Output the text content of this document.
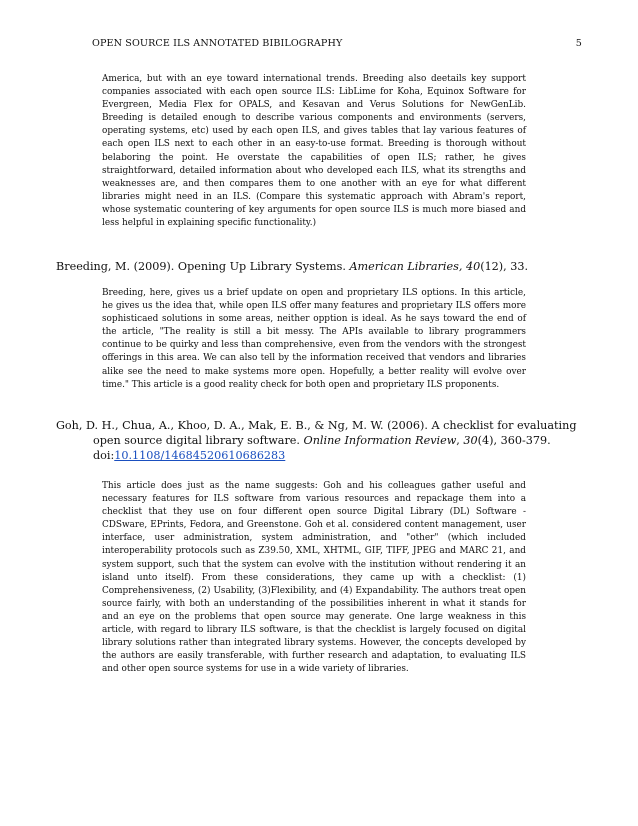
OPEN SOURCE ILS ANNOTATED BIBILOGRAPHY	5

America, but with an eye toward international trends. Breeding also deetails key support companies associated with each open source ILS: LibLime for Koha, Equinox Software for Evergreen, Media Flex for OPALS, and Kesavan and Verus Solutions for NewGenLib. Breeding is detailed enough to describe various components and environments (servers, operating systems, etc) used by each open ILS, and gives tables that lay various features of each open ILS next to each other in an easy-to-use format. Breeding is thorough without belaboring the point. He overstate the capabilities of open ILS; rather, he gives straightforward, detailed information about who developed each ILS, what its strengths and weaknesses are, and then compares them to one another with an eye for what different libraries might need in an ILS. (Compare this systematic approach with Abram's report, whose systematic countering of key arguments for open source ILS is much more biased and less helpful in explaining specific functionality.)

Breeding, M. (2009). Opening Up Library Systems. American Libraries, 40(12), 33.

Breeding, here, gives us a brief update on open and proprietary ILS options. In this article, he gives us the idea that, while open ILS offer many features and proprietary ILS offers more sophisticaed solutions in some areas, neither opption is ideal. As he says toward the end of the article, "The reality is still a bit messy. The APIs available to library programmers continue to be quirky and less than comprehensive, even from the vendors with the strongest offerings in this area. We can also tell by the information received that vendors and libraries alike see the need to make systems more open. Hopefully, a better reality will evolve over time." This article is a good reality check for both open and proprietary ILS proponents.

Goh, D. H., Chua, A., Khoo, D. A., Mak, E. B., & Ng, M. W. (2006). A checklist for evaluating open source digital library software. Online Information Review, 30(4), 360-379. doi:10.1108/14684520610686283

This article does just as the name suggests: Goh and his colleagues gather useful and necessary features for ILS software from various resources and repackage them into a checklist that they use on four different open source Digital Library (DL) Software - CDSware, EPrints, Fedora, and Greenstone. Goh et al. considered content management, user interface, user administration, system administration, and "other" (which included interoperability protocols such as Z39.50, XML, XHTML, GIF, TIFF, JPEG and MARC 21, and system support, such that the system can evolve with the institution without rendering it an island unto itself). From these considerations, they came up with a checklist: (1) Comprehensiveness, (2) Usability, (3)Flexibility, and (4) Expandability. The authors treat open source fairly, with both an understanding of the possibilities inherent in what it stands for and an eye on the problems that open source may generate. One large weakness in this article, with regard to library ILS software, is that the checklist is largely focused on digital library solutions rather than integrated library systems. However, the concepts developed by the authors are easily transferable, with further research and adaptation, to evaluating ILS and other open source systems for use in a wide variety of libraries.
